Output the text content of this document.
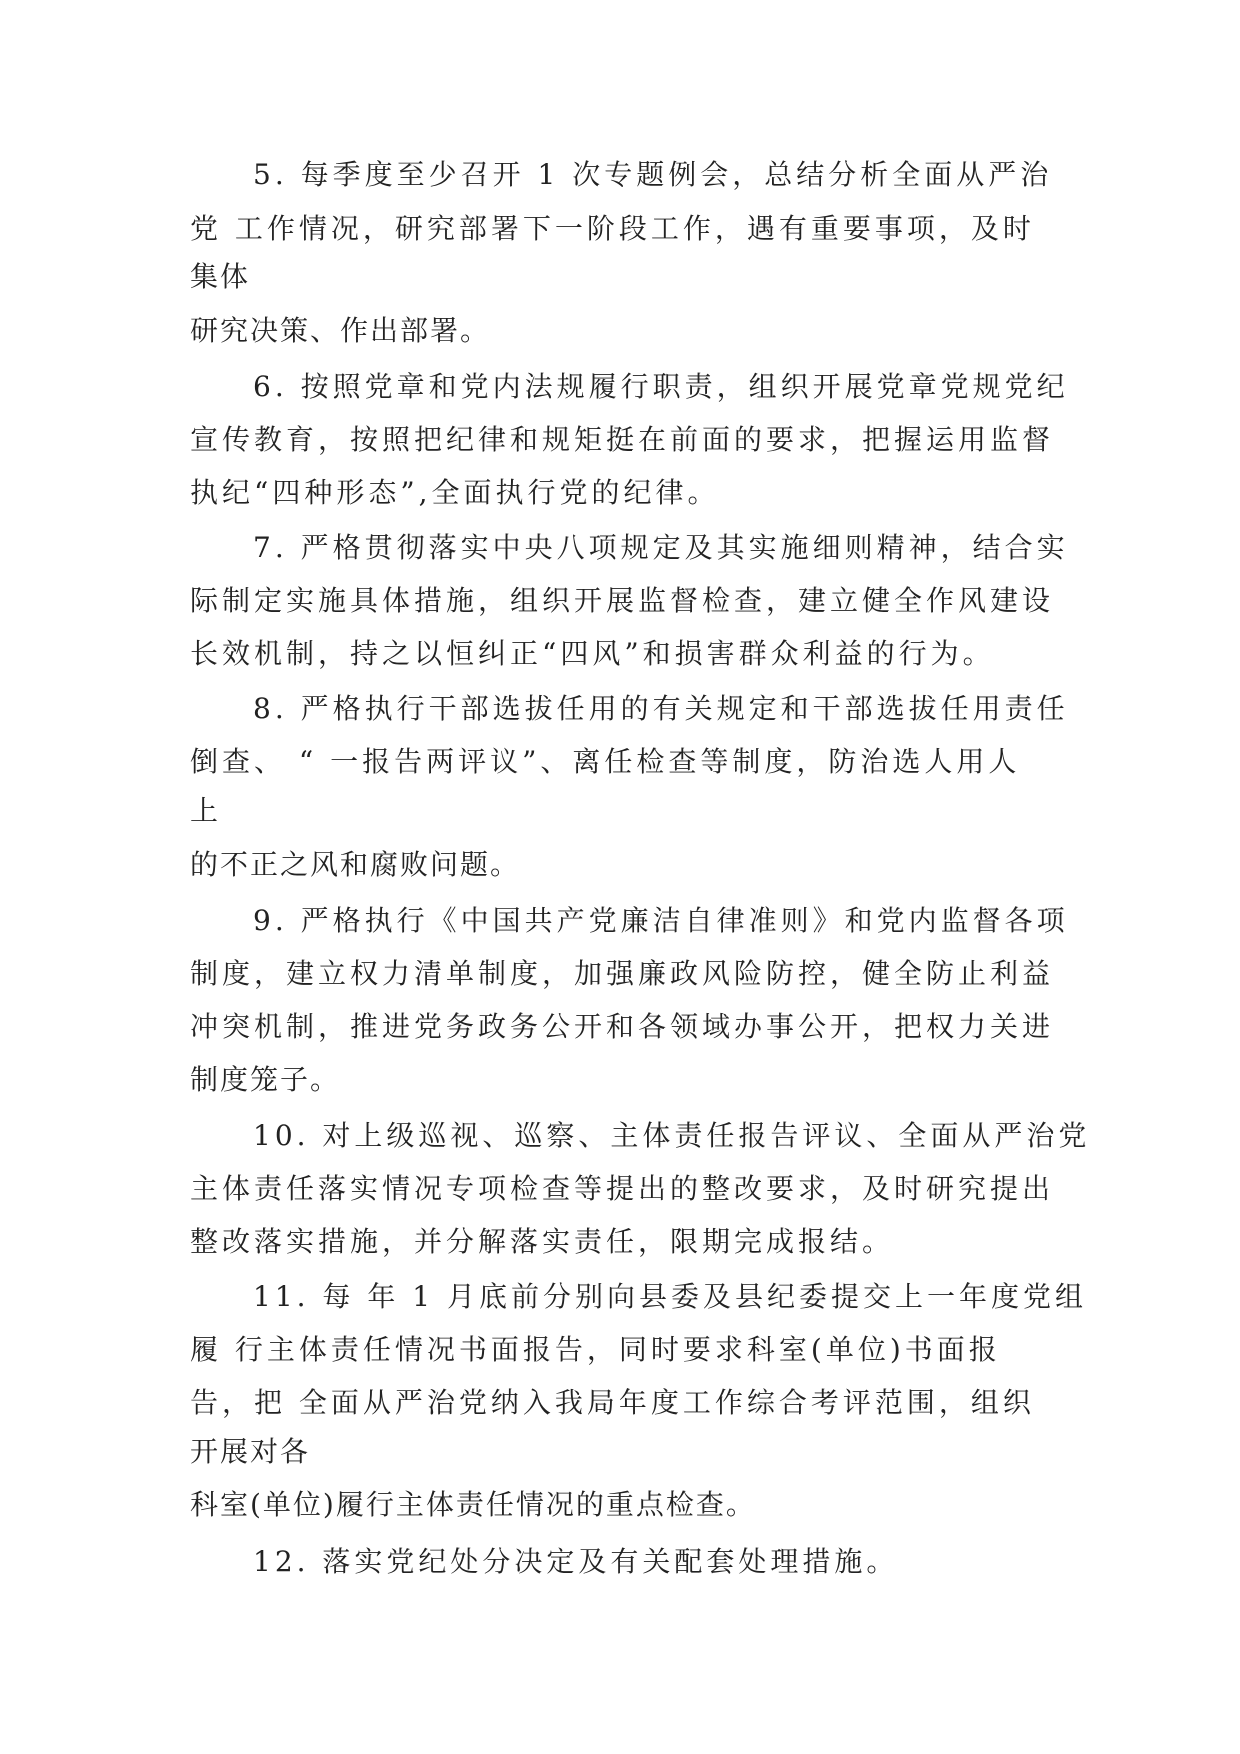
5. 每季度至少召开 1 次专题例会，总结分析全面从严治
党 工作情况，研究部署下一阶段工作，遇有重要事项，及时
集体
研究决策、作出部署。
6. 按照党章和党内法规履行职责，组织开展党章党规党纪
宣传教育，按照把纪律和规矩挺在前面的要求，把握运用监督
执纪“四种形态”,全面执行党的纪律。
7. 严格贯彻落实中央八项规定及其实施细则精神，结合实
际制定实施具体措施，组织开展监督检查，建立健全作风建设
长效机制，持之以恒纠正“四风”和损害群众利益的行为。
8. 严格执行干部选拔任用的有关规定和干部选拔任用责任
倒查、 “ 一报告两评议”、离任检查等制度，防治选人用人
上
的不正之风和腐败问题。
9. 严格执行《中国共产党廉洁自律准则》和党内监督各项
制度，建立权力清单制度，加强廉政风险防控，健全防止利益
冲突机制，推进党务政务公开和各领域办事公开，把权力关进
制度笼子。
10. 对上级巡视、巡察、主体责任报告评议、全面从严治党
主体责任落实情况专项检查等提出的整改要求，及时研究提出
整改落实措施，并分解落实责任，限期完成报结。
11. 每 年 1 月底前分别向县委及县纪委提交上一年度党组
履 行主体责任情况书面报告，同时要求科室(单位)书面报
告，把 全面从严治党纳入我局年度工作综合考评范围，组织
开展对各
科室(单位)履行主体责任情况的重点检查。
12. 落实党纪处分决定及有关配套处理措施。
